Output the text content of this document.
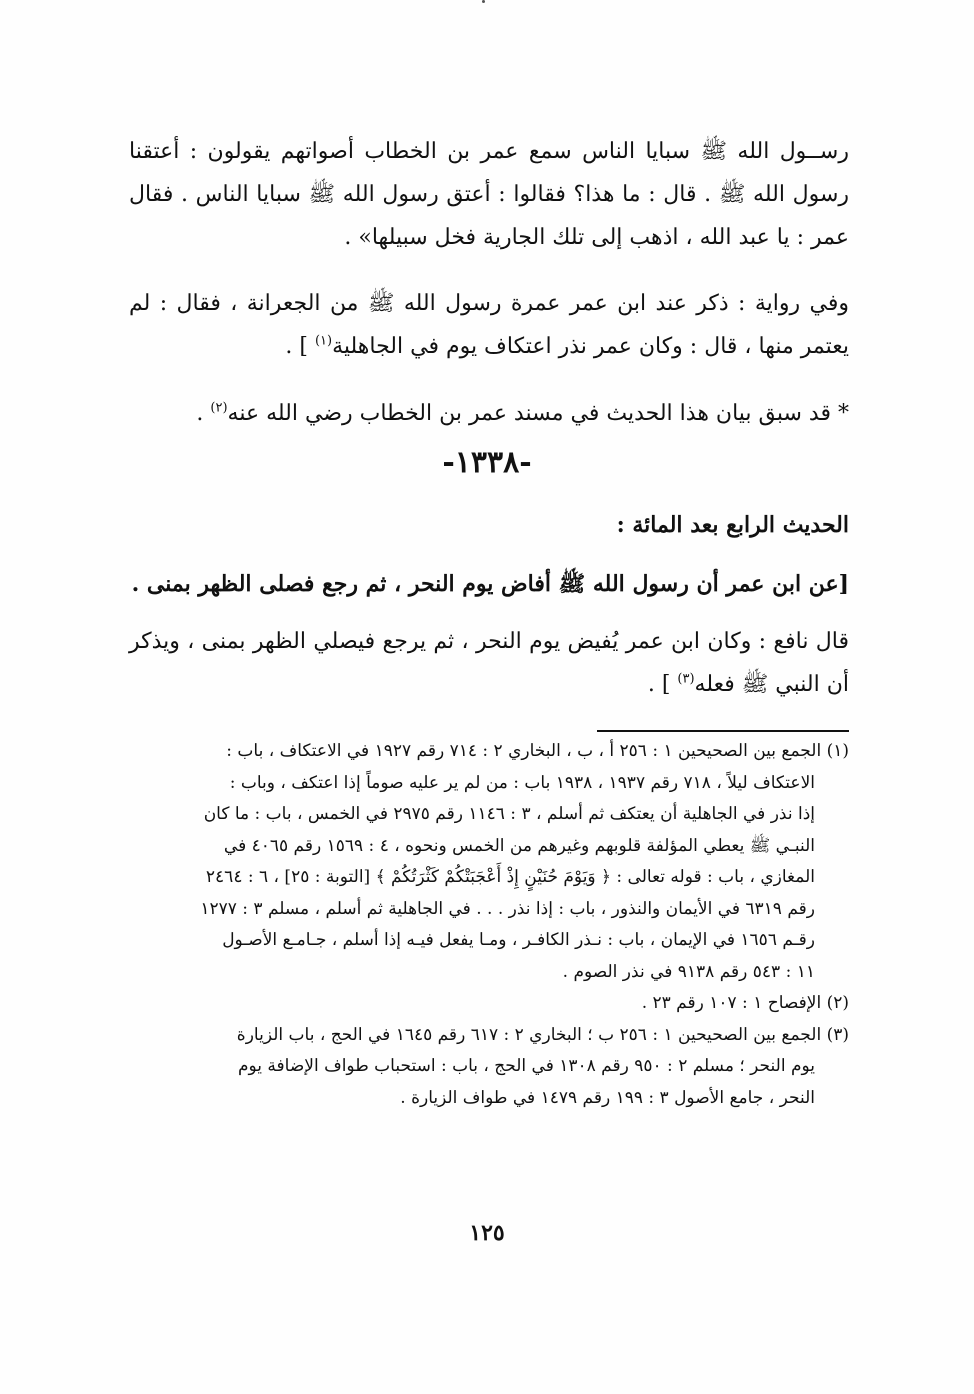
رســول الله ﷺ سبايا الناس سمع عمر بن الخطاب أصواتهم يقولون : أعتقنا رسول الله ﷺ . قال : ما هذا؟ فقالوا : أعتق رسول الله ﷺ سبايا الناس . فقال عمر : يا عبد الله ، اذهب إلى تلك الجارية فخل سبيلها» .

وفي رواية : ذكر عند ابن عمر عمرة رسول الله ﷺ من الجعرانة ، فقال : لم يعتمر منها ، قال : وكان عمر نذر اعتكاف يوم في الجاهلية$^{(١)}$ ] .

* قد سبق بيان هذا الحديث في مسند عمر بن الخطاب رضي الله عنه$^{(٢)}$ .

-١٣٣٨-
الحديث الرابع بعد المائة :
[عن ابن عمر أن رسول الله ﷺ أفاض يوم النحر ، ثم رجع فصلى الظهر بمنى .

قال نافع : وكان ابن عمر يُفيض يوم النحر ، ثم يرجع فيصلي الظهر بمنى ، ويذكر أن النبي ﷺ فعله$^{(٣)}$ ] .

(١) الجمع بين الصحيحين ١ : ٢٥٦ أ ، ب ، البخاري ٢ : ٧١٤ رقم ١٩٢٧ في الاعتكاف ، باب :
الاعتكاف ليلاً ، ٧١٨ رقم ١٩٣٧ ، ١٩٣٨ باب : من لم ير عليه صوماً إذا اعتكف ، وباب :
إذا نذر في الجاهلية أن يعتكف ثم أسلم ، ٣ : ١١٤٦ رقم ٢٩٧٥ في الخمس ، باب : ما كان
النبـي ﷺ يعطي المؤلفة قلوبهم وغيرهم من الخمس ونحوه ، ٤ : ١٥٦٩ رقم ٤٠٦٥ في
المغازي ، باب : قوله تعالى : ﴿ وَيَوْمَ حُنَيْنٍ إِذْ أَعْجَبَتْكُمْ كَثْرَتُكُمْ ﴾ [التوبة : ٢٥] ، ٦ : ٢٤٦٤
رقم ٦٣١٩ في الأيمان والنذور ، باب : إذا نذر . . . في الجاهلية ثم أسلم ، مسلم ٣ : ١٢٧٧
رقـم ١٦٥٦ في الإيمان ، باب : نـذر الكافـر ، ومـا يفعل فيـه إذا أسلم ، جـامـع الأصـول
١١ : ٥٤٣ رقم ٩١٣٨ في نذر الصوم .
(٢) الإفصاح ١ : ١٠٧ رقم ٢٣ .
(٣) الجمع بين الصحيحين ١ : ٢٥٦ ب ؛ البخاري ٢ : ٦١٧ رقم ١٦٤٥ في الحج ، باب الزيارة
يوم النحر ؛ مسلم ٢ : ٩٥٠ رقم ١٣٠٨ في الحج ، باب : استحباب طواف الإضافة يوم
النحر ، جامع الأصول ٣ : ١٩٩ رقم ١٤٧٩ في طواف الزيارة .
١٢٥
